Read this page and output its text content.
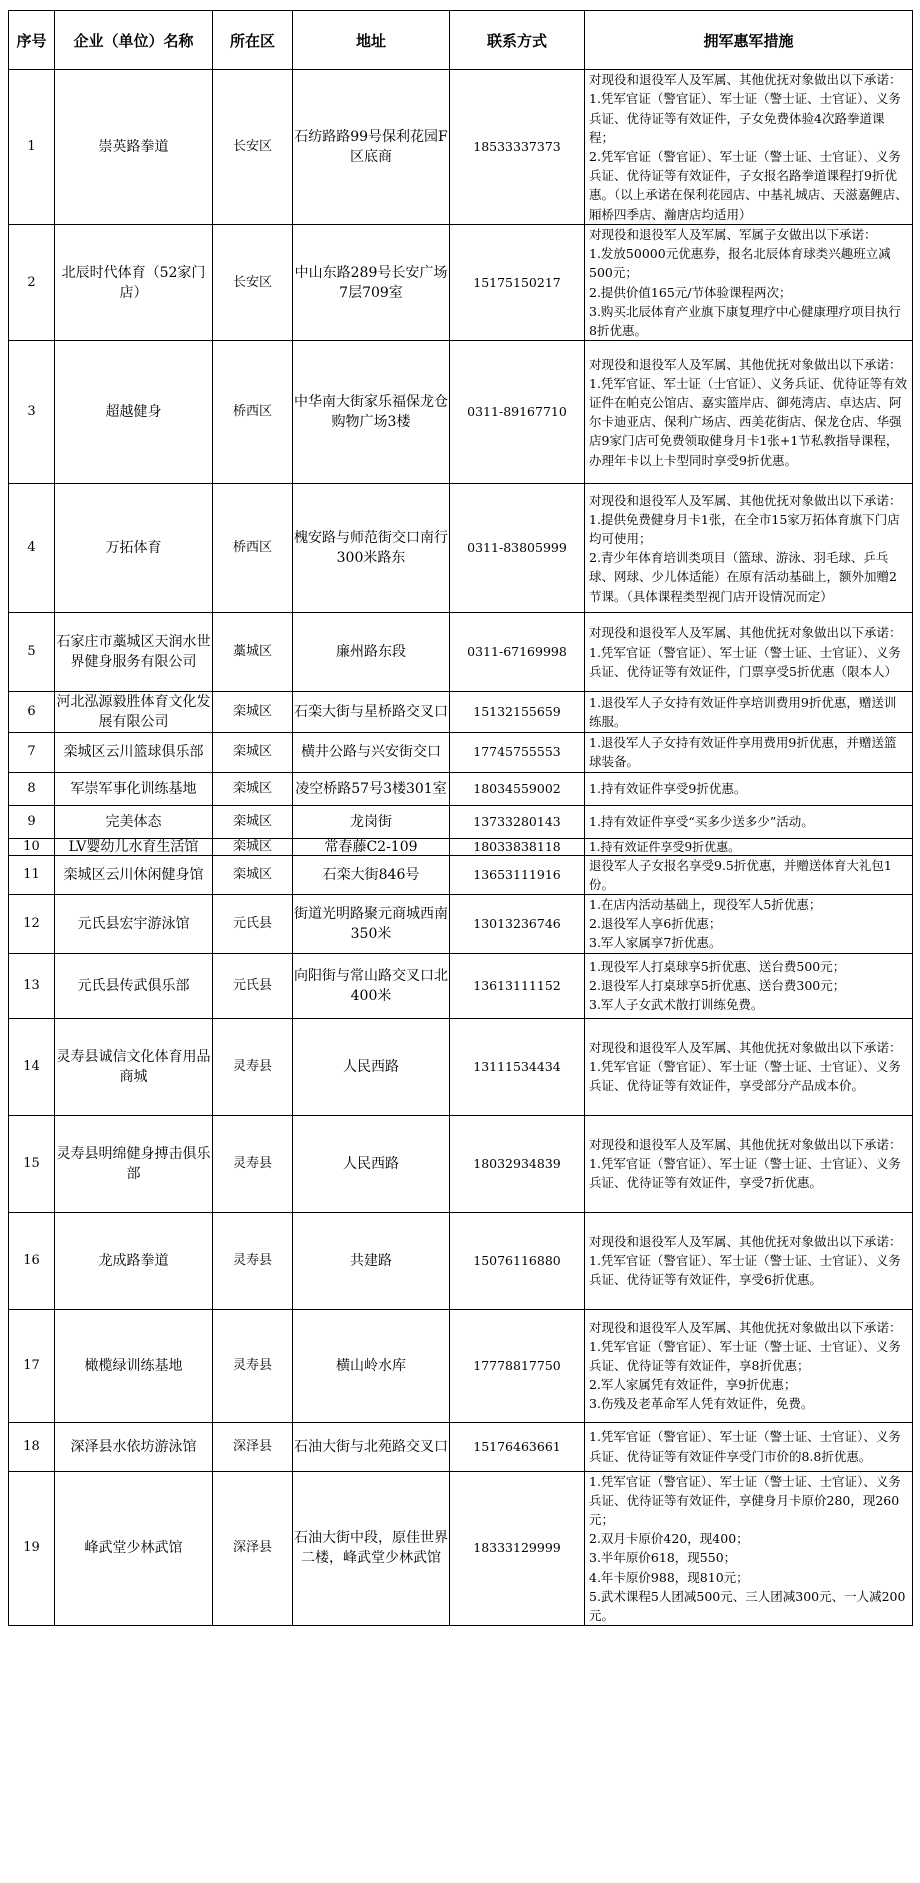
序号	企业（单位）名称	所在区	地址	联系方式	拥军惠军措施
1	崇英路拳道	长安区	石纺路路99号保利花园F区底商	18533337373	对现役和退役军人及军属、其他优抚对象做出以下承诺：
1.凭军官证（警官证）、军士证（警士证、士官证）、义务兵证、优待证等有效证件，子女免费体验4次路拳道课程；
2.凭军官证（警官证）、军士证（警士证、士官证）、义务兵证、优待证等有效证件，子女报名路拳道课程打9折优惠。（以上承诺在保利花园店、中基礼城店、天滋嘉鲤店、厢桥四季店、瀚唐店均适用）
2	北辰时代体育（52家门店）	长安区	中山东路289号长安广场7层709室	15175150217	对现役和退役军人及军属、军属子女做出以下承诺：
1.发放50000元优惠券，报名北辰体育球类兴趣班立减500元；
2.提供价值165元/节体验课程两次；
3.购买北辰体育产业旗下康复理疗中心健康理疗项目执行8折优惠。
3	超越健身	桥西区	中华南大街家乐福保龙仓购物广场3楼	0311-89167710	对现役和退役军人及军属、其他优抚对象做出以下承诺：
1.凭军官证、军士证（士官证）、义务兵证、优待证等有效证件在帕克公馆店、嘉实篮岸店、御苑湾店、卓达店、阿尔卡迪亚店、保利广场店、西美花街店、保龙仓店、华强店9家门店可免费领取健身月卡1张+1节私教指导课程，办理年卡以上卡型同时享受9折优惠。
4	万拓体育	桥西区	槐安路与师范街交口南行300米路东	0311-83805999	对现役和退役军人及军属、其他优抚对象做出以下承诺：
1.提供免费健身月卡1张，在全市15家万拓体育旗下门店均可使用；
2.青少年体育培训类项目（篮球、游泳、羽毛球、乒乓球、网球、少儿体适能）在原有活动基础上，额外加赠2节课。（具体课程类型视门店开设情况而定）
5	石家庄市藁城区天润水世界健身服务有限公司	藁城区	廉州路东段	0311-67169998	对现役和退役军人及军属、其他优抚对象做出以下承诺：
1.凭军官证（警官证）、军士证（警士证、士官证）、义务兵证、优待证等有效证件，门票享受5折优惠（限本人）
6	河北泓源毅胜体育文化发展有限公司	栾城区	石栾大街与星桥路交叉口	15132155659	1.退役军人子女持有效证件享培训费用9折优惠，赠送训练服。
7	栾城区云川篮球俱乐部	栾城区	横井公路与兴安街交口	17745755553	1.退役军人子女持有效证件享用费用9折优惠，并赠送篮球装备。
8	军崇军事化训练基地	栾城区	凌空桥路57号3楼301室	18034559002	1.持有效证件享受9折优惠。
9	完美体态	栾城区	龙岗街	13733280143	1.持有效证件享受“买多少送多少”活动。
10	LV婴幼儿水育生活馆	栾城区	常春藤C2-109	18033838118	1.持有效证件享受9折优惠。
11	栾城区云川休闲健身馆	栾城区	石栾大街846号	13653111916	退役军人子女报名享受9.5折优惠，并赠送体育大礼包1份。
12	元氏县宏宇游泳馆	元氏县	街道光明路聚元商城西南350米	13013236746	1.在店内活动基础上，现役军人5折优惠；
2.退役军人享6折优惠；
3.军人家属享7折优惠。
13	元氏县传武俱乐部	元氏县	向阳街与常山路交叉口北400米	13613111152	1.现役军人打桌球享5折优惠、送台费500元；
2.退役军人打桌球享5折优惠、送台费300元；
3.军人子女武术散打训练免费。
14	灵寿县诚信文化体育用品商城	灵寿县	人民西路	13111534434	对现役和退役军人及军属、其他优抚对象做出以下承诺：
1.凭军官证（警官证）、军士证（警士证、士官证）、义务兵证、优待证等有效证件，享受部分产品成本价。
15	灵寿县明绵健身搏击俱乐部	灵寿县	人民西路	18032934839	对现役和退役军人及军属、其他优抚对象做出以下承诺：
1.凭军官证（警官证）、军士证（警士证、士官证）、义务兵证、优待证等有效证件，享受7折优惠。
16	龙成路拳道	灵寿县	共建路	15076116880	对现役和退役军人及军属、其他优抚对象做出以下承诺：
1.凭军官证（警官证）、军士证（警士证、士官证）、义务兵证、优待证等有效证件，享受6折优惠。
17	橄榄绿训练基地	灵寿县	横山岭水库	17778817750	对现役和退役军人及军属、其他优抚对象做出以下承诺：
1.凭军官证（警官证）、军士证（警士证、士官证）、义务兵证、优待证等有效证件，享8折优惠；
2.军人家属凭有效证件，享9折优惠；
3.伤残及老革命军人凭有效证件，免费。
18	深泽县水依坊游泳馆	深泽县	石油大街与北苑路交叉口	15176463661	1.凭军官证（警官证）、军士证（警士证、士官证）、义务兵证、优待证等有效证件享受门市价的8.8折优惠。
19	峰武堂少林武馆	深泽县	石油大街中段，原佳世界二楼，峰武堂少林武馆	18333129999	1.凭军官证（警官证）、军士证（警士证、士官证）、义务兵证、优待证等有效证件，享健身月卡原价280，现260元；
2.双月卡原价420，现400；
3.半年原价618，现550；
4.年卡原价988，现810元；
5.武术课程5人团减500元、三人团减300元、一人减200元。
